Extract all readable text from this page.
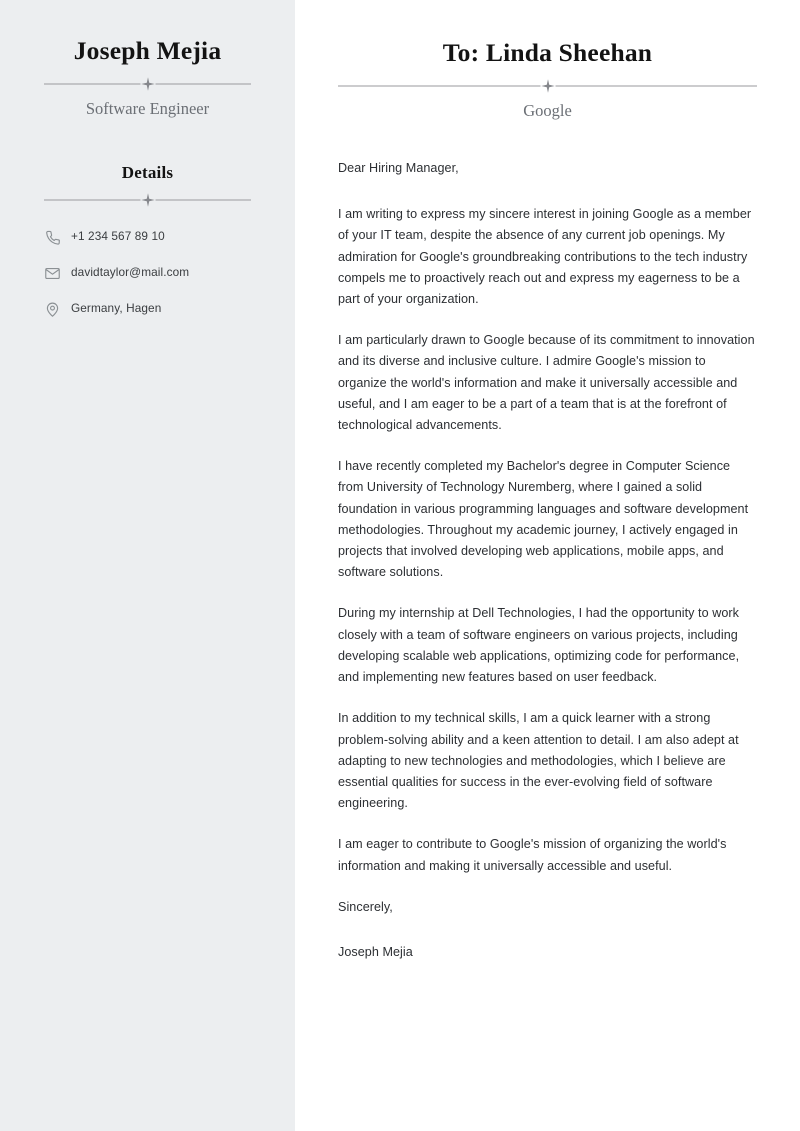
Joseph Mejia
Software Engineer
Details
+1 234 567 89 10
davidtaylor@mail.com
Germany, Hagen
To: Linda Sheehan
Google

Dear Hiring Manager,

I am writing to express my sincere interest in joining Google as a member of your IT team, despite the absence of any current job openings. My admiration for Google's groundbreaking contributions to the tech industry compels me to proactively reach out and express my eagerness to be a part of your organization.

I am particularly drawn to Google because of its commitment to innovation and its diverse and inclusive culture. I admire Google's mission to organize the world's information and make it universally accessible and useful, and I am eager to be a part of a team that is at the forefront of technological advancements.

I have recently completed my Bachelor's degree in Computer Science from University of Technology Nuremberg, where I gained a solid foundation in various programming languages and software development methodologies. Throughout my academic journey, I actively engaged in projects that involved developing web applications, mobile apps, and software solutions.

During my internship at Dell Technologies, I had the opportunity to work closely with a team of software engineers on various projects, including developing scalable web applications, optimizing code for performance, and implementing new features based on user feedback.

In addition to my technical skills, I am a quick learner with a strong problem-solving ability and a keen attention to detail. I am also adept at adapting to new technologies and methodologies, which I believe are essential qualities for success in the ever-evolving field of software engineering.

I am eager to contribute to Google's mission of organizing the world's information and making it universally accessible and useful.

Sincerely,

Joseph Mejia
